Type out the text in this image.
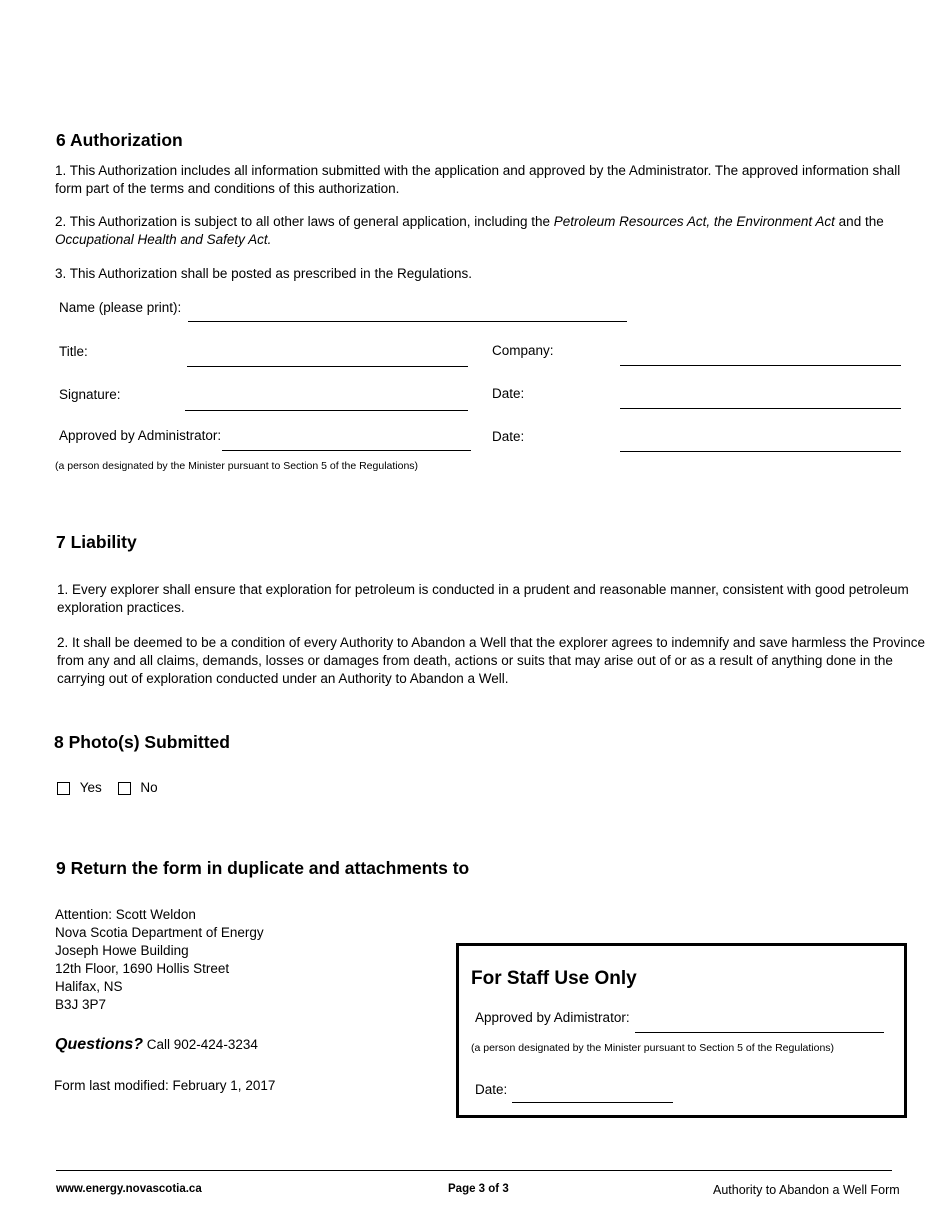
6 Authorization
1. This Authorization includes all information submitted with the application and approved by the Administrator. The approved information shall
form part of the terms and conditions of this authorization.
2. This Authorization is subject to all other laws of general application, including the Petroleum Resources Act, the Environment Act and the
Occupational Health and Safety Act.
3. This Authorization shall be posted as prescribed in the Regulations.
Name (please print):
Title:	Company:
Signature:	Date:
Approved by Administrator:	Date:
(a person designated by the Minister pursuant to Section 5 of the Regulations)
7 Liability
1. Every explorer shall ensure that exploration for petroleum is conducted in a prudent and reasonable manner, consistent with good petroleum
exploration practices.
2. It shall be deemed to be a condition of every Authority to Abandon a Well that the explorer agrees to indemnify and save harmless the Province
from any and all claims, demands, losses or damages from death, actions or suits that may arise out of or as a result of anything done in the
carrying out of exploration conducted under an Authority to Abandon a Well.
8 Photo(s) Submitted
Yes	No
9 Return the form in duplicate and attachments to
Attention: Scott Weldon
Nova Scotia Department of Energy
Joseph Howe Building
12th Floor, 1690 Hollis Street
Halifax, NS
B3J 3P7
Questions? Call 902-424-3234
Form last modified: February 1, 2017
For Staff Use Only
Approved by Adimistrator:
(a person designated by the Minister pursuant to Section 5 of the Regulations)
Date:
www.energy.novascotia.ca	Page 3 of 3	Authority to Abandon a Well Form
